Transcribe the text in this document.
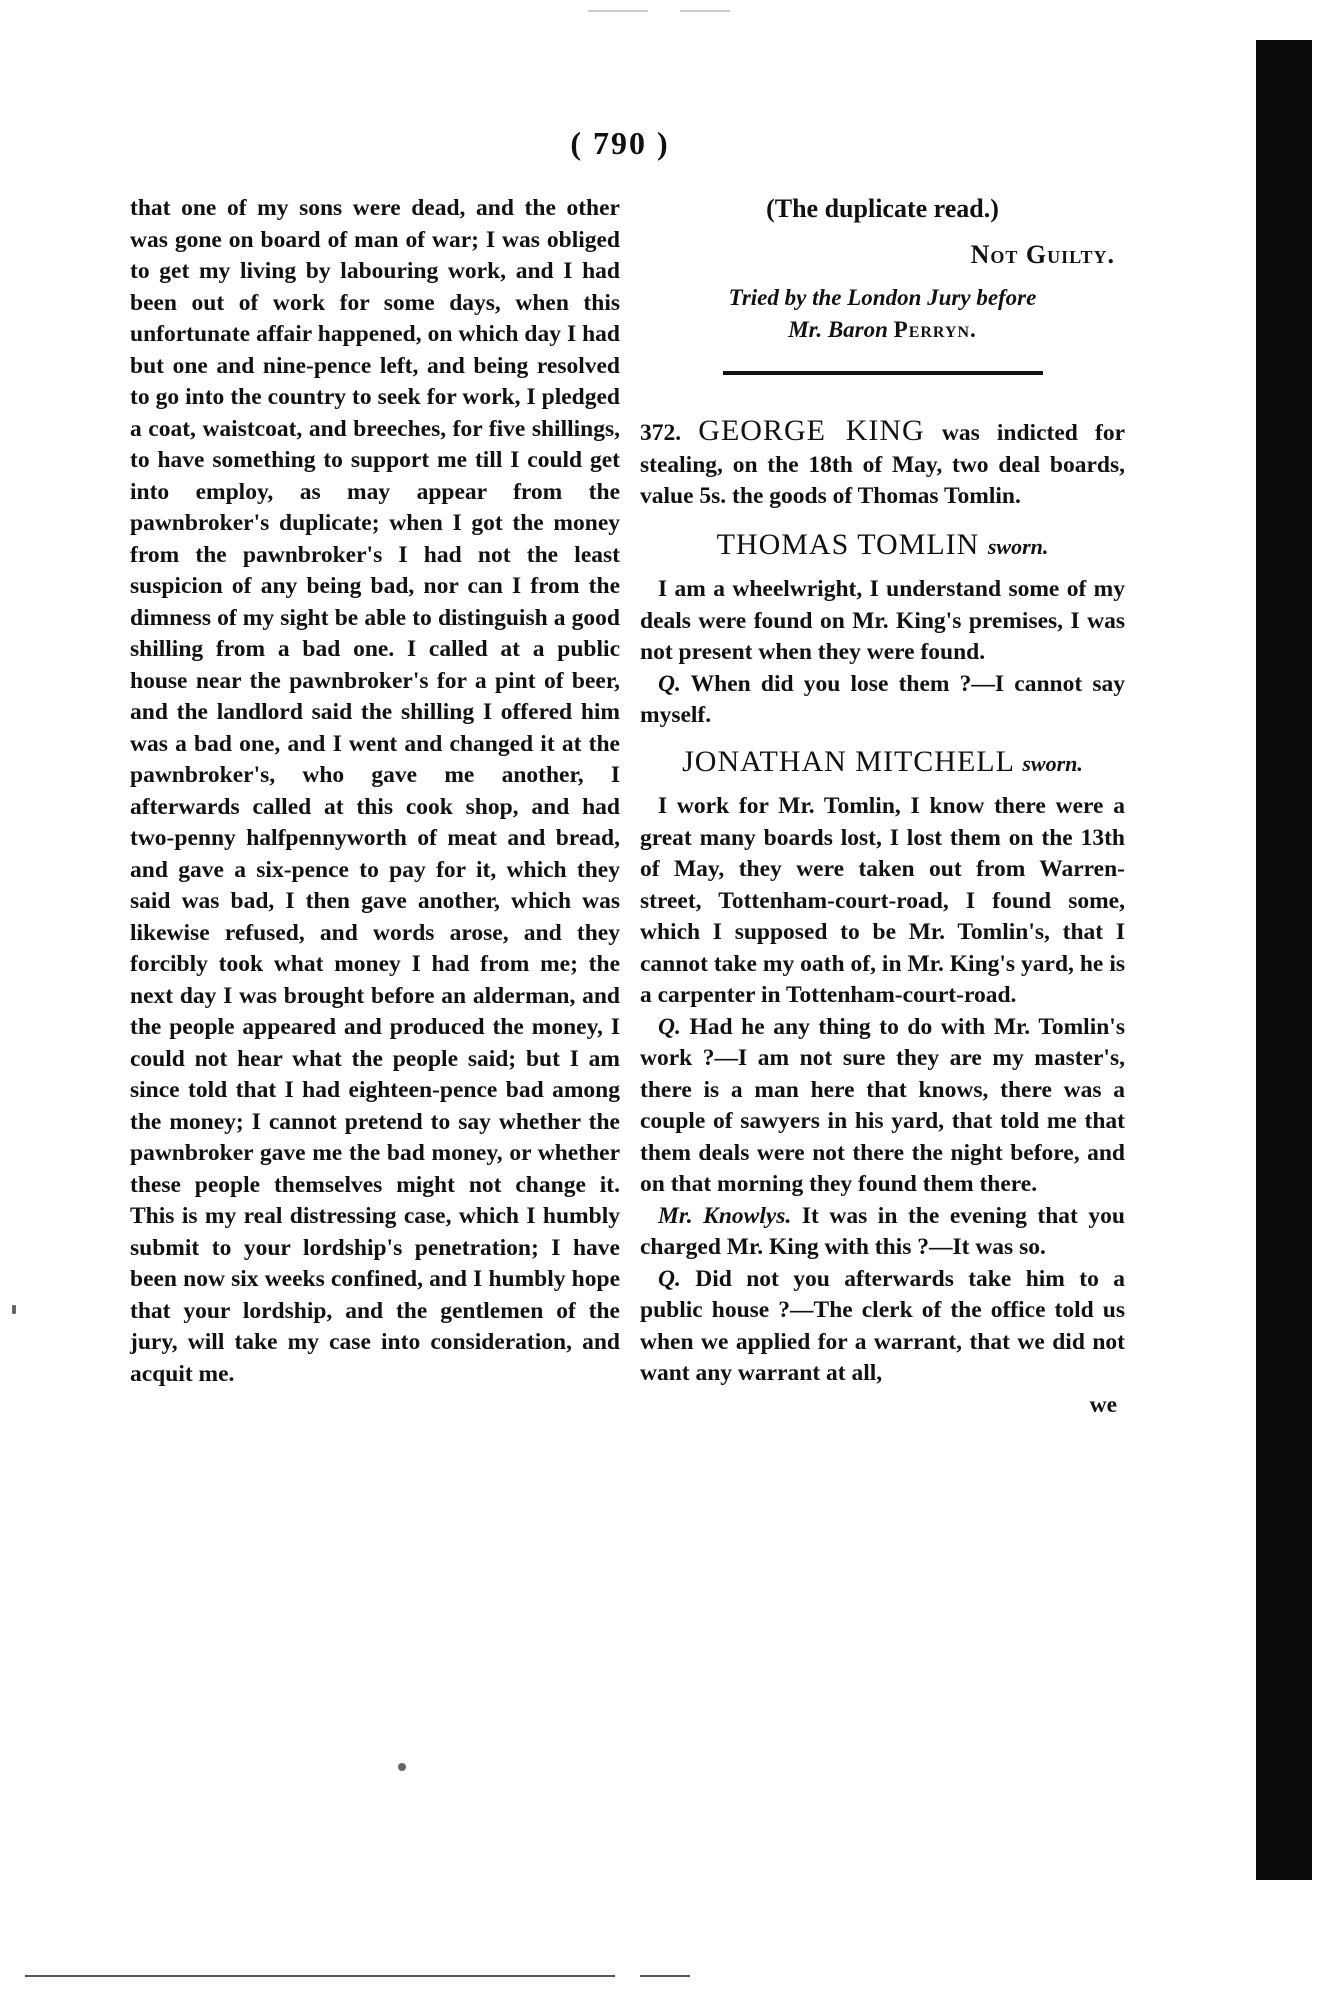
( 790 )

that one of my sons were dead, and the other was gone on board of man of war; I was obliged to get my living by labouring work, and I had been out of work for some days, when this unfortunate affair happened, on which day I had but one and nine-pence left, and being resolved to go into the country to seek for work, I pledged a coat, waistcoat, and breeches, for five shillings, to have something to support me till I could get into employ, as may appear from the pawnbroker's duplicate; when I got the money from the pawnbroker's I had not the least suspicion of any being bad, nor can I from the dimness of my sight be able to distinguish a good shilling from a bad one. I called at a public house near the pawnbroker's for a pint of beer, and the landlord said the shilling I offered him was a bad one, and I went and changed it at the pawnbroker's, who gave me another, I afterwards called at this cook shop, and had two-penny halfpennyworth of meat and bread, and gave a six-pence to pay for it, which they said was bad, I then gave another, which was likewise refused, and words arose, and they forcibly took what money I had from me; the next day I was brought before an alderman, and the people appeared and produced the money, I could not hear what the people said; but I am since told that I had eighteen-pence bad among the money; I cannot pretend to say whether the pawnbroker gave me the bad money, or whether these people themselves might not change it. This is my real distressing case, which I humbly submit to your lordship's penetration; I have been now six weeks confined, and I humbly hope that your lordship, and the gentlemen of the jury, will take my case into consideration, and acquit me.

(The duplicate read.)

Not Guilty.

Tried by the London Jury before

Mr. Baron Perryn.

372. GEORGE KING was indicted for stealing, on the 18th of May, two deal boards, value 5s. the goods of Thomas Tomlin.

THOMAS TOMLIN sworn.

I am a wheelwright, I understand some of my deals were found on Mr. King's premises, I was not present when they were found.

Q. When did you lose them ?—I cannot say myself.

JONATHAN MITCHELL sworn.

I work for Mr. Tomlin, I know there were a great many boards lost, I lost them on the 13th of May, they were taken out from Warren-street, Tottenham-court-road, I found some, which I supposed to be Mr. Tomlin's, that I cannot take my oath of, in Mr. King's yard, he is a carpenter in Tottenham-court-road.

Q. Had he any thing to do with Mr. Tomlin's work ?—I am not sure they are my master's, there is a man here that knows, there was a couple of sawyers in his yard, that told me that them deals were not there the night before, and on that morning they found them there.

Mr. Knowlys. It was in the evening that you charged Mr. King with this ?—It was so.

Q. Did not you afterwards take him to a public house ?—The clerk of the office told us when we applied for a warrant, that we did not want any warrant at all,

we
